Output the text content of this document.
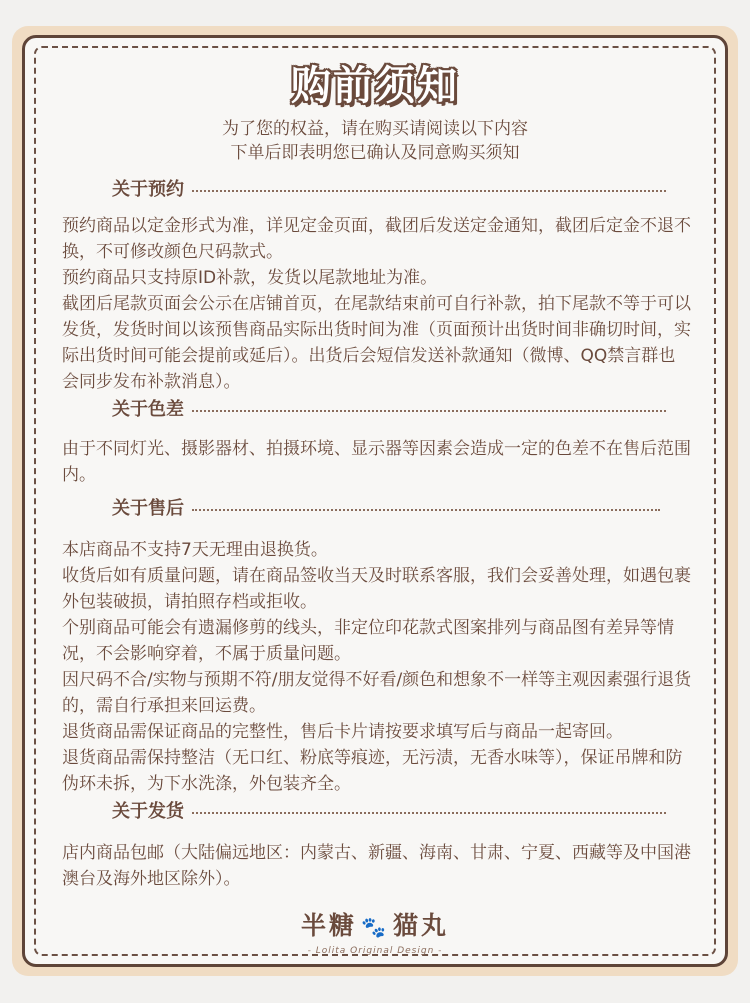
购前须知
为了您的权益，请在购买请阅读以下内容
下单后即表明您已确认及同意购买须知
关于预约

预约商品以定金形式为准，详见定金页面，截团后发送定金通知，截团后定金不退不换，不可修改颜色尺码款式。

预约商品只支持原ID补款，发货以尾款地址为准。

截团后尾款页面会公示在店铺首页，在尾款结束前可自行补款，拍下尾款不等于可以发货，发货时间以该预售商品实际出货时间为准（页面预计出货时间非确切时间，实际出货时间可能会提前或延后）。出货后会短信发送补款通知（微博、QQ禁言群也会同步发布补款消息）。

关于色差

由于不同灯光、摄影器材、拍摄环境、显示器等因素会造成一定的色差不在售后范围内。

关于售后

本店商品不支持7天无理由退换货。

收货后如有质量问题，请在商品签收当天及时联系客服，我们会妥善处理，如遇包裹外包装破损，请拍照存档或拒收。

个别商品可能会有遗漏修剪的线头，非定位印花款式图案排列与商品图有差异等情况，不会影响穿着，不属于质量问题。

因尺码不合/实物与预期不符/朋友觉得不好看/颜色和想象不一样等主观因素强行退货的，需自行承担来回运费。

退货商品需保证商品的完整性，售后卡片请按要求填写后与商品一起寄回。

退货商品需保持整洁（无口红、粉底等痕迹，无污渍，无香水味等），保证吊牌和防伪环未拆，为下水洗涤，外包装齐全。

关于发货

店内商品包邮（大陆偏远地区：内蒙古、新疆、海南、甘肃、宁夏、西藏等及中国港澳台及海外地区除外）。

半糖 🐾 猫丸
- Lolita Original Design -
